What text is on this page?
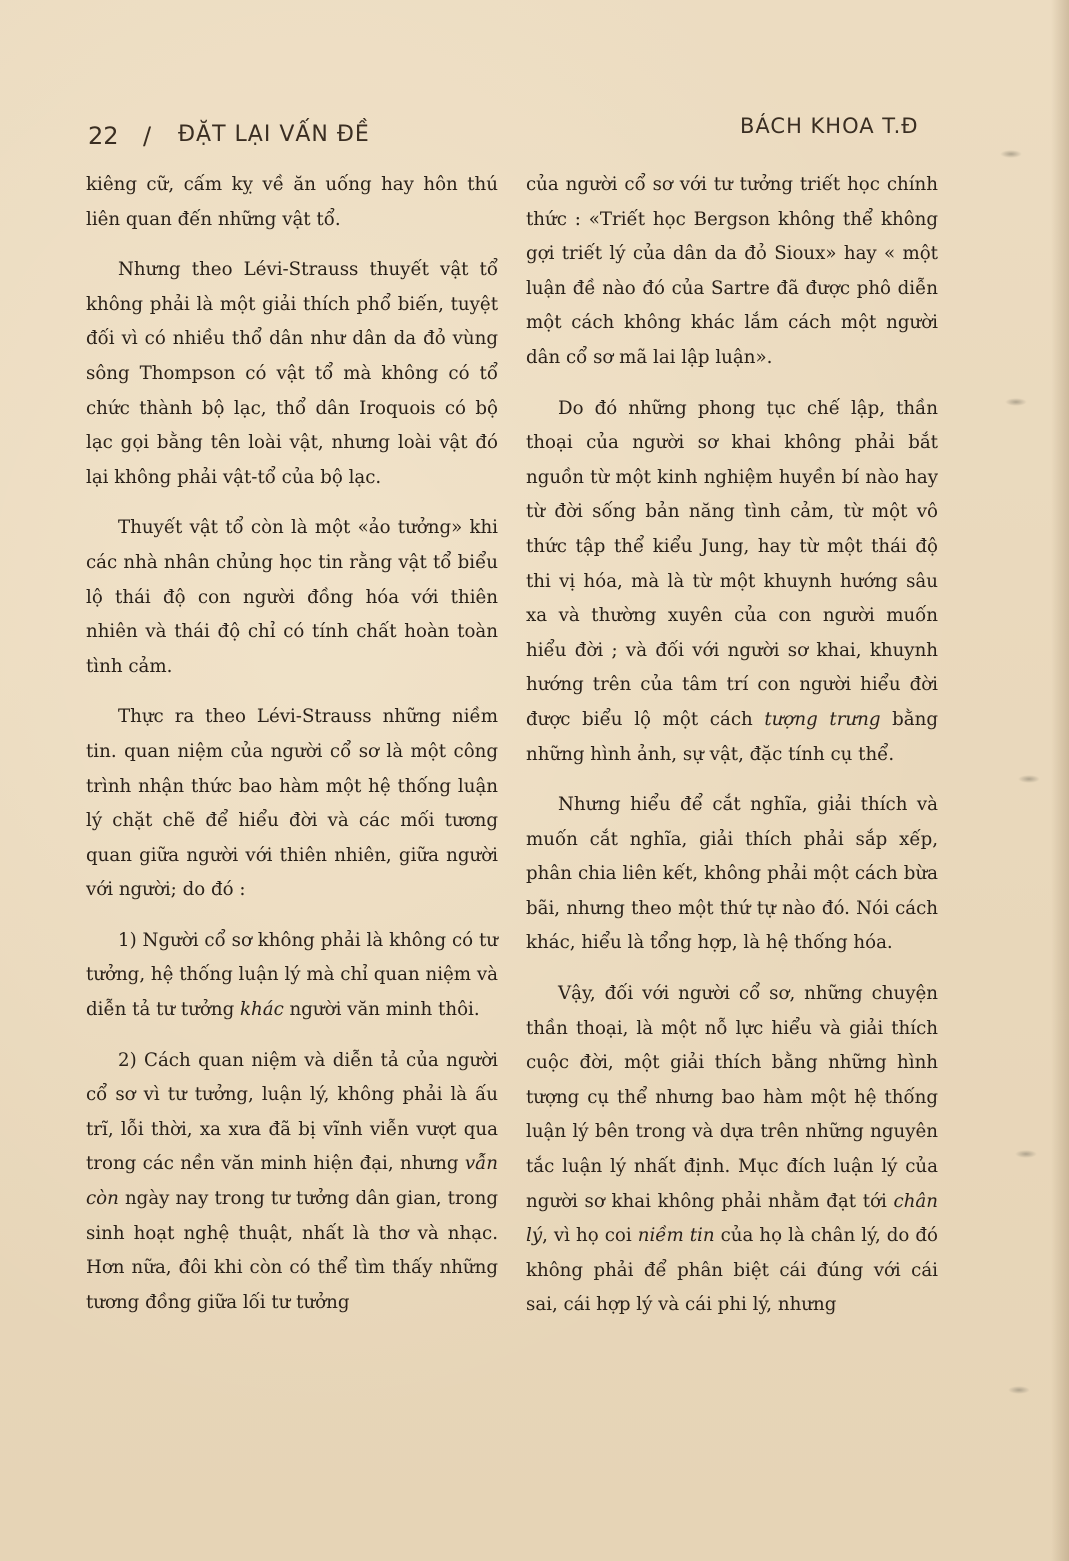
22 / ĐẶT LẠI VẤN ĐỀ	BÁCH KHOA T.Đ

kiêng cữ, cấm kỵ về ăn uống hay hôn thú liên quan đến những vật tổ.

Nhưng theo Lévi-Strauss thuyết vật tổ không phải là một giải thích phổ biến, tuyệt đối vì có nhiều thổ dân như dân da đỏ vùng sông Thompson có vật tổ mà không có tổ chức thành bộ lạc, thổ dân Iroquois có bộ lạc gọi bằng tên loài vật, nhưng loài vật đó lại không phải vật-tổ của bộ lạc.

Thuyết vật tổ còn là một «ảo tưởng» khi các nhà nhân chủng học tin rằng vật tổ biểu lộ thái độ con người đồng hóa với thiên nhiên và thái độ chỉ có tính chất hoàn toàn tình cảm.

Thực ra theo Lévi-Strauss những niềm tin. quan niệm của người cổ sơ là một công trình nhận thức bao hàm một hệ thống luận lý chặt chẽ để hiểu đời và các mối tương quan giữa người với thiên nhiên, giữa người với người; do đó :

1) Người cổ sơ không phải là không có tư tưởng, hệ thống luận lý mà chỉ quan niệm và diễn tả tư tưởng khác người văn minh thôi.

2) Cách quan niệm và diễn tả của người cổ sơ vì tư tưởng, luận lý, không phải là ấu trĩ, lỗi thời, xa xưa đã bị vĩnh viễn vượt qua trong các nền văn minh hiện đại, nhưng vẫn còn ngày nay trong tư tưởng dân gian, trong sinh hoạt nghệ thuật, nhất là thơ và nhạc. Hơn nữa, đôi khi còn có thể tìm thấy những tương đồng giữa lối tư tưởng

của người cổ sơ với tư tưởng triết học chính thức : «Triết học Bergson không thể không gợi triết lý của dân da đỏ Sioux» hay « một luận đề nào đó của Sartre đã được phô diễn một cách không khác lắm cách một người dân cổ sơ mã lai lập luận».

Do đó những phong tục chế lập, thần thoại của người sơ khai không phải bắt nguồn từ một kinh nghiệm huyền bí nào hay từ đời sống bản năng tình cảm, từ một vô thức tập thể kiểu Jung, hay từ một thái độ thi vị hóa, mà là từ một khuynh hướng sâu xa và thường xuyên của con người muốn hiểu đời ; và đối với người sơ khai, khuynh hướng trên của tâm trí con người hiểu đời được biểu lộ một cách tượng trưng bằng những hình ảnh, sự vật, đặc tính cụ thể.

Nhưng hiểu để cắt nghĩa, giải thích và muốn cắt nghĩa, giải thích phải sắp xếp, phân chia liên kết, không phải một cách bừa bãi, nhưng theo một thứ tự nào đó. Nói cách khác, hiểu là tổng hợp, là hệ thống hóa.

Vậy, đối với người cổ sơ, những chuyện thần thoại, là một nỗ lực hiểu và giải thích cuộc đời, một giải thích bằng những hình tượng cụ thể nhưng bao hàm một hệ thống luận lý bên trong và dựa trên những nguyên tắc luận lý nhất định. Mục đích luận lý của người sơ khai không phải nhằm đạt tới chân lý, vì họ coi niềm tin của họ là chân lý, do đó không phải để phân biệt cái đúng với cái sai, cái hợp lý và cái phi lý, nhưng
